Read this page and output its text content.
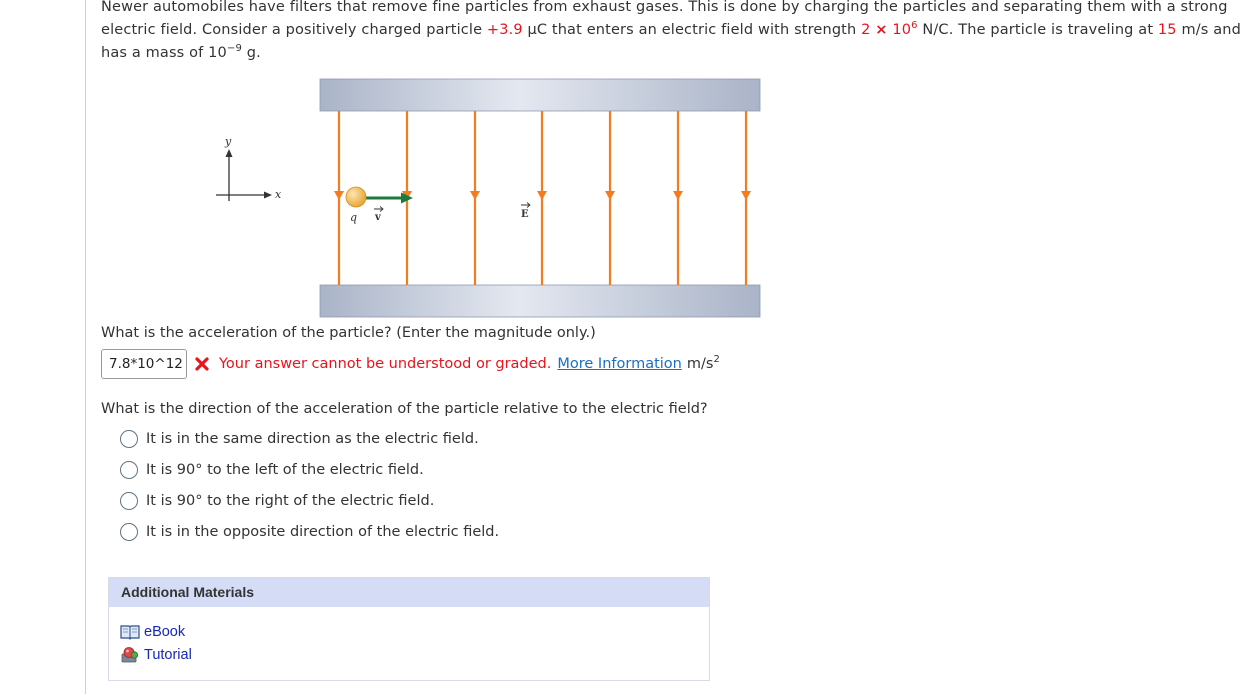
Newer automobiles have filters that remove fine particles from exhaust gases. This is done by charging the particles and separating them with a strong electric field. Consider a positively charged particle +3.9 μC that enters an electric field with strength $2 \times 10^6$ N/C. The particle is traveling at 15 m/s and has a mass of $10^{-9}$ g.
y
x
q v	E
What is the acceleration of the particle? (Enter the magnitude only.)
7.8*10^12 Your answer cannot be understood or graded. More Information $m/s^2$
What is the direction of the acceleration of the particle relative to the electric field?
It is in the same direction as the electric field.
It is 90° to the left of the electric field.
It is 90° to the right of the electric field.
It is in the opposite direction of the electric field.
Additional Materials
eBook
Tutorial
